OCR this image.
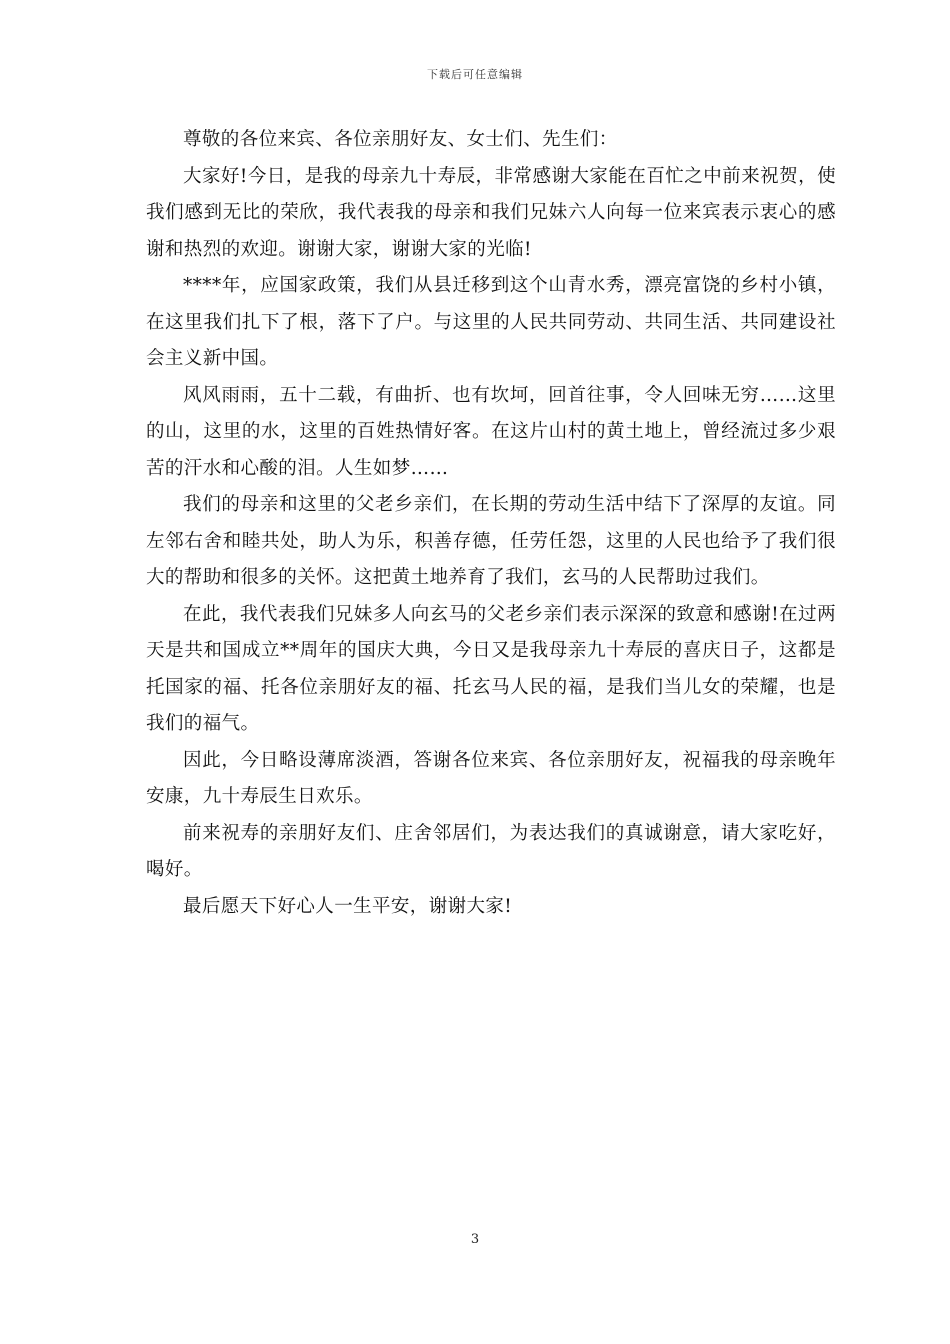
下载后可任意编辑

尊敬的各位来宾、各位亲朋好友、女士们、先生们：

大家好!今日，是我的母亲九十寿辰，非常感谢大家能在百忙之中前来祝贺，使我们感到无比的荣欣，我代表我的母亲和我们兄妹六人向每一位来宾表示衷心的感谢和热烈的欢迎。谢谢大家，谢谢大家的光临!

****年，应国家政策，我们从县迁移到这个山青水秀，漂亮富饶的乡村小镇，在这里我们扎下了根，落下了户。与这里的人民共同劳动、共同生活、共同建设社会主义新中国。

风风雨雨，五十二载，有曲折、也有坎坷，回首往事，令人回味无穷……这里的山，这里的水，这里的百姓热情好客。在这片山村的黄土地上，曾经流过多少艰苦的汗水和心酸的泪。人生如梦……

我们的母亲和这里的父老乡亲们，在长期的劳动生活中结下了深厚的友谊。同左邻右舍和睦共处，助人为乐，积善存德，任劳任怨，这里的人民也给予了我们很大的帮助和很多的关怀。这把黄土地养育了我们，玄马的人民帮助过我们。

在此，我代表我们兄妹多人向玄马的父老乡亲们表示深深的致意和感谢!在过两天是共和国成立**周年的国庆大典，今日又是我母亲九十寿辰的喜庆日子，这都是托国家的福、托各位亲朋好友的福、托玄马人民的福，是我们当儿女的荣耀，也是我们的福气。

因此，今日略设薄席淡酒，答谢各位来宾、各位亲朋好友，祝福我的母亲晚年安康，九十寿辰生日欢乐。

前来祝寿的亲朋好友们、庄舍邻居们，为表达我们的真诚谢意，请大家吃好，喝好。

最后愿天下好心人一生平安，谢谢大家!

3
